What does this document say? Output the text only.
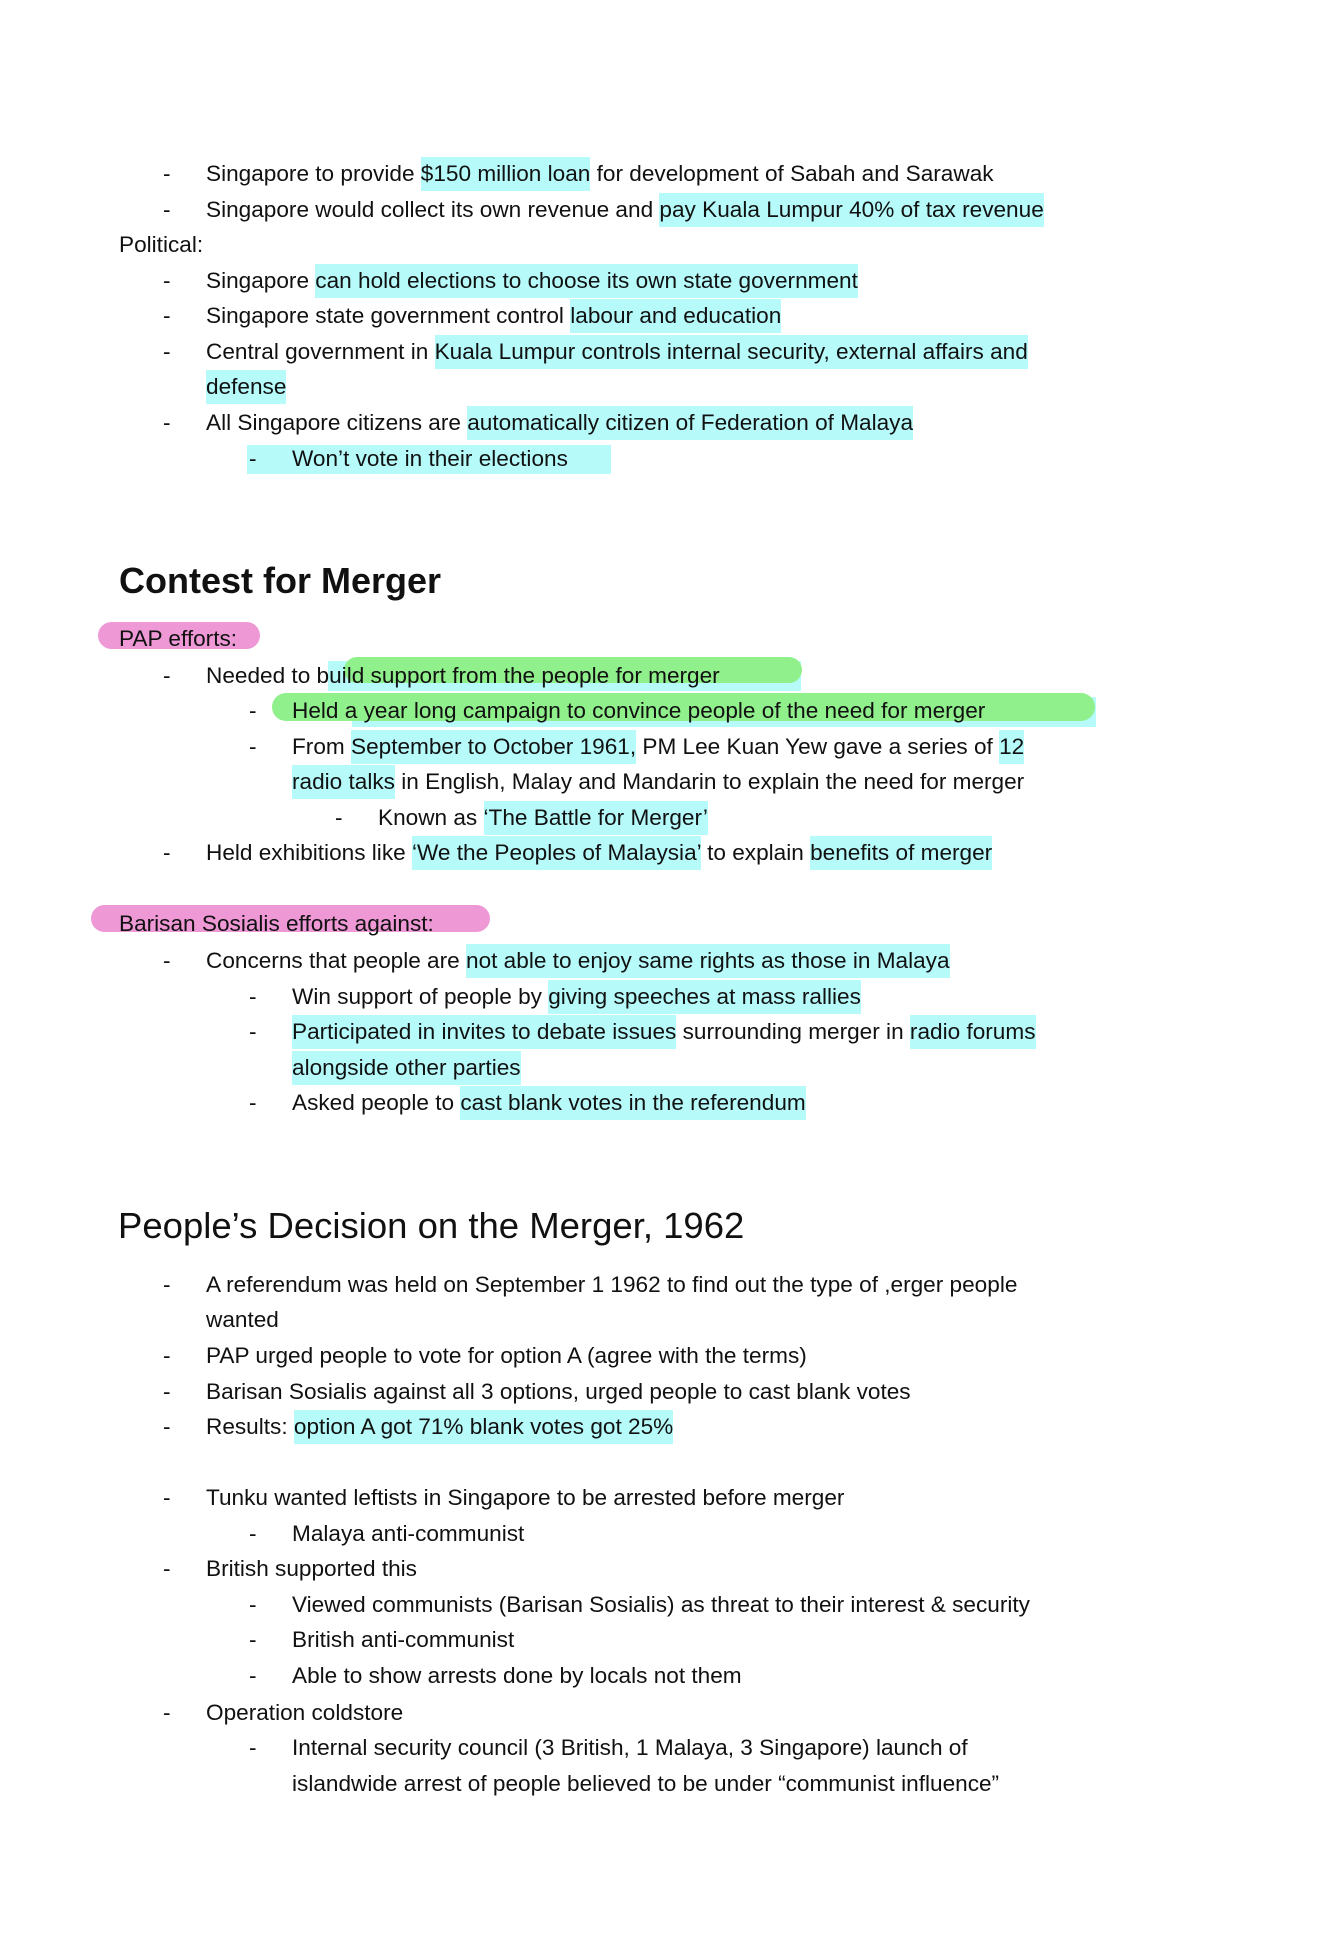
- Singapore to provide $150 million loan for development of Sabah and Sarawak
- Singapore would collect its own revenue and pay Kuala Lumpur 40% of tax revenue
Political:
- Singapore can hold elections to choose its own state government
- Singapore state government control labour and education
- Central government in Kuala Lumpur controls internal security, external affairs and
defense
- All Singapore citizens are automatically citizen of Federation of Malaya
- Won’t vote in their elections
Contest for Merger
PAP efforts:
- Needed to build support from the people for merger
- Held a year long campaign to convince people of the need for merger
- From September to October 1961, PM Lee Kuan Yew gave a series of 12
radio talks in English, Malay and Mandarin to explain the need for merger
- Known as ‘The Battle for Merger’
- Held exhibitions like ‘We the Peoples of Malaysia’ to explain benefits of merger
Barisan Sosialis efforts against:
- Concerns that people are not able to enjoy same rights as those in Malaya
- Win support of people by giving speeches at mass rallies
- Participated in invites to debate issues surrounding merger in radio forums
alongside other parties
- Asked people to cast blank votes in the referendum
People’s Decision on the Merger, 1962
- A referendum was held on September 1 1962 to find out the type of ,erger people
wanted
- PAP urged people to vote for option A (agree with the terms)
- Barisan Sosialis against all 3 options, urged people to cast blank votes
- Results: option A got 71% blank votes got 25%
- Tunku wanted leftists in Singapore to be arrested before merger
- Malaya anti-communist
- British supported this
- Viewed communists (Barisan Sosialis) as threat to their interest & security
- British anti-communist
- Able to show arrests done by locals not them
- Operation coldstore
- Internal security council (3 British, 1 Malaya, 3 Singapore) launch of
islandwide arrest of people believed to be under “communist influence”
